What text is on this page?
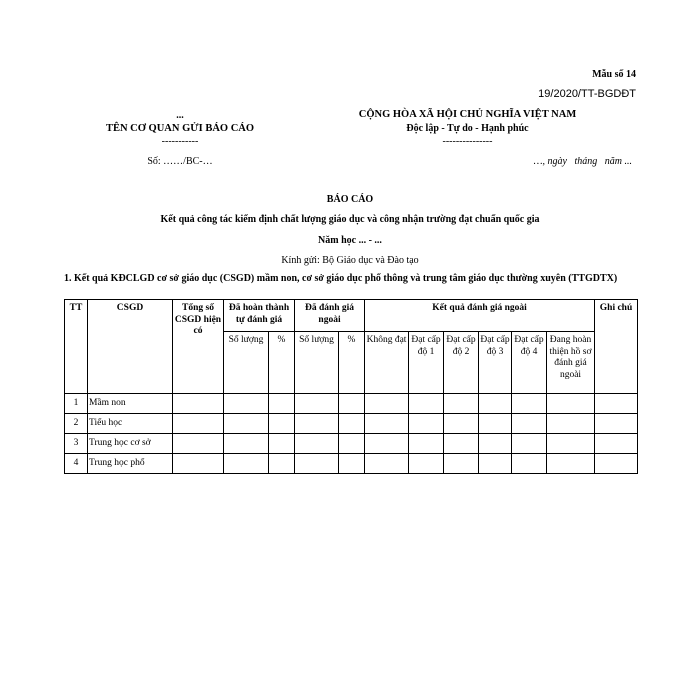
Mẫu số 14
19/2020/TT-BGDĐT
...
TÊN CƠ QUAN GỬI BÁO CÁO
-----------
Số: ……/BC-…
CỘNG HÒA XÃ HỘI CHỦ NGHĨA VIỆT NAM
Độc lập - Tự do - Hạnh phúc
---------------
…, ngày   tháng   năm ...
BÁO CÁO
Kết quả công tác kiểm định chất lượng giáo dục và công nhận trường đạt chuẩn quốc gia
Năm học ... - ...
Kính gửi: Bộ Giáo dục và Đào tạo
1. Kết quả KĐCLGD cơ sở giáo dục (CSGD) mầm non, cơ sở giáo dục phổ thông và trung tâm giáo dục thường xuyên (TTGDTX)
TT	CSGD	Tổng số CSGD hiện có	Đã hoàn thành tự đánh giá		Đã đánh giá ngoài		Kết quả đánh giá ngoài						Ghi chú
			Số lượng	%	Số lượng	%	Không đạt	Đạt cấp độ 1	Đạt cấp độ 2	Đạt cấp độ 3	Đạt cấp độ 4	Đang hoàn thiện hồ sơ đánh giá ngoài	
1	Mầm non												
2	Tiểu học												
3	Trung học cơ sở												
4	Trung học phổ												
